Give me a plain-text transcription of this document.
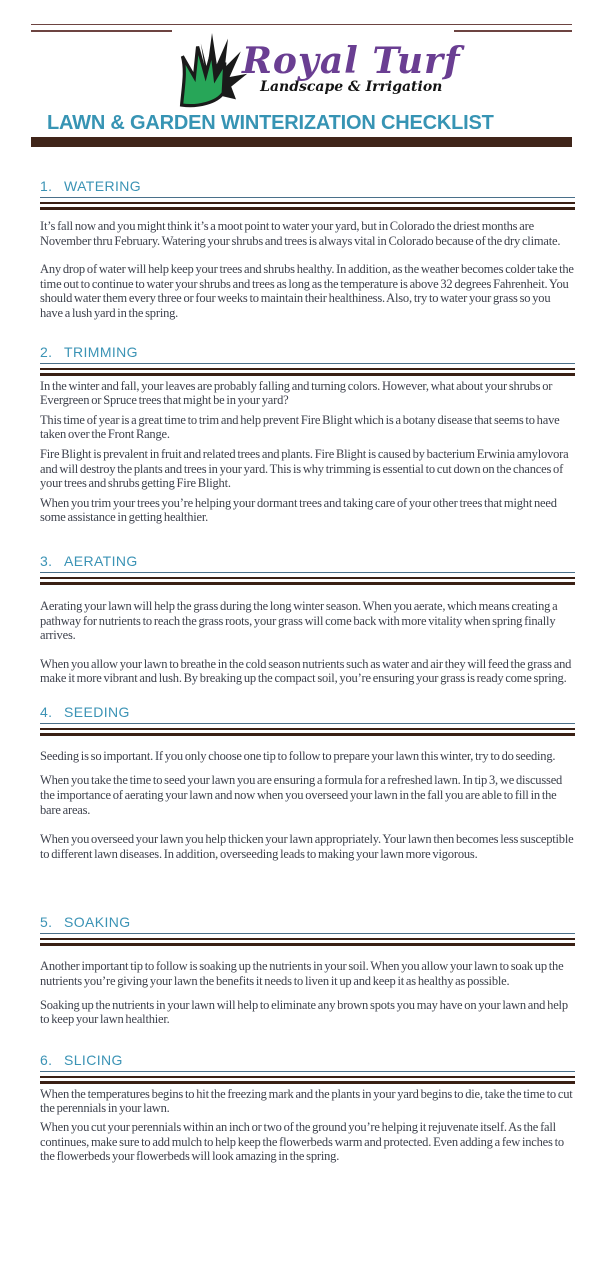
Royal Turf
Landscape & Irrigation
LAWN & GARDEN WINTERIZATION CHECKLIST
1. WATERING

It’s fall now and you might think it’s a moot point to water your yard, but in Colorado the driest months are November thru February. Watering your shrubs and trees is always vital in Colorado because of the dry climate.

Any drop of water will help keep your trees and shrubs healthy. In addition, as the weather becomes colder take the time out to continue to water your shrubs and trees as long as the temperature is above 32 degrees Fahrenheit. You should water them every three or four weeks to maintain their healthiness. Also, try to water your grass so you have a lush yard in the spring.

2. TRIMMING

In the winter and fall, your leaves are probably falling and turning colors. However, what about your shrubs or Evergreen or Spruce trees that might be in your yard?

This time of year is a great time to trim and help prevent Fire Blight which is a botany disease that seems to have taken over the Front Range.

Fire Blight is prevalent in fruit and related trees and plants. Fire Blight is caused by bacterium Erwinia amylovora and will destroy the plants and trees in your yard. This is why trimming is essential to cut down on the chances of your trees and shrubs getting Fire Blight.

When you trim your trees you’re helping your dormant trees and taking care of your other trees that might need some assistance in getting healthier.

3. AERATING

Aerating your lawn will help the grass during the long winter season. When you aerate, which means creating a pathway for nutrients to reach the grass roots, your grass will come back with more vitality when spring finally arrives.

When you allow your lawn to breathe in the cold season nutrients such as water and air they will feed the grass and make it more vibrant and lush. By breaking up the compact soil, you’re ensuring your grass is ready come spring.

4. SEEDING

Seeding is so important. If you only choose one tip to follow to prepare your lawn this winter, try to do seeding.

When you take the time to seed your lawn you are ensuring a formula for a refreshed lawn. In tip 3, we discussed the importance of aerating your lawn and now when you overseed your lawn in the fall you are able to fill in the bare areas.

When you overseed your lawn you help thicken your lawn appropriately. Your lawn then becomes less susceptible to different lawn diseases. In addition, overseeding leads to making your lawn more vigorous.

5. SOAKING

Another important tip to follow is soaking up the nutrients in your soil. When you allow your lawn to soak up the nutrients you’re giving your lawn the benefits it needs to liven it up and keep it as healthy as possible.

Soaking up the nutrients in your lawn will help to eliminate any brown spots you may have on your lawn and help to keep your lawn healthier.

6. SLICING

When the temperatures begins to hit the freezing mark and the plants in your yard begins to die, take the time to cut the perennials in your lawn.

When you cut your perennials within an inch or two of the ground you’re helping it rejuvenate itself. As the fall continues, make sure to add mulch to help keep the flowerbeds warm and protected. Even adding a few inches to the flowerbeds your flowerbeds will look amazing in the spring.
